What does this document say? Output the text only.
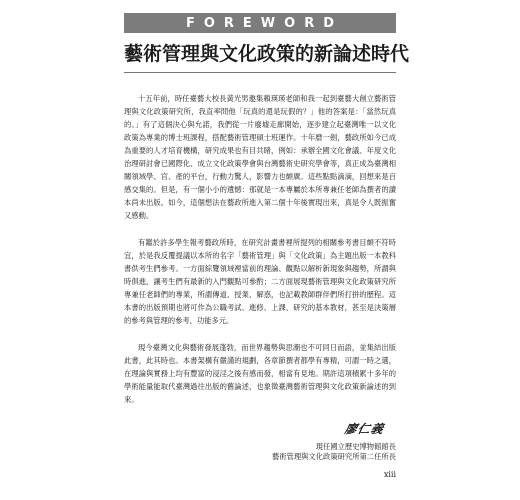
FOREWORD
藝術管理與文化政策的新論述時代

十五年前，時任臺藝大校長黃光男邀集賴瑛瑛老師和我一起到臺藝大創立藝術管理與文化政策研究所，我直率問他「玩真的還是玩假的？」他的答案是：「當然玩真的。」有了這個決心與允諾，我們從一片廢墟走廊開始，逐步建立起臺灣唯一以文化政策為專業的博士班課程，搭配藝術管理碩士班運作。十年磨一劍，藝政所如今已成為重要的人才培育機構，研究成果也有目共睹，例如：承辦全國文化會議、年度文化治理研討會已國際化、成立文化政策學會與台灣藝術史研究學會等，真正成為臺灣相關領域學、官、產的平台，行動力驚人，影響力也頗廣。這些點點滴滴，回想來是百感交集的。但是，有一個小小的遺憾：那就是一本專屬於本所專兼任老師為撰者的讀本尚未出版。如今，這個想法在藝政所進入第二個十年後實現出來，真是令人既振奮又感動。

有鑑於許多學生報考藝政所時，在研究計畫書裡所提列的相關參考書目頗不符時宜，於是我反覆提議以本所的名字「藝術管理」與「文化政策」為主題出版一本教科書供考生們參考。一方面綜覽領域裡當前的理論、觀點以解析新現象與趨勢，所謂與時俱進，讓考生們有最新的入門觀點可參酌；二方面展現藝術管理與文化政策研究所專兼任老師們的專業，所謂傳道、授業、解惑，也記載教師群伴們所打拼的歷程。這本書的出版預期也將可作為公職考試、進修、上課、研究的基本教材，甚至是決策層的參考與管理的參考，功能多元。

現今臺灣文化與藝術發展蓬勃，而世界趨勢與思潮也不可同日而語，並集結出版此書，此其時也。本書架構有嚴謹的規劃，各章節撰者都學有專精，可謂一時之選，在理論與實務上均有豐富的浸淫之後有感而發，相當有見地。期許這項積累十多年的學術能量能取代臺灣過往出版的舊論述，也象徵臺灣藝術管理與文化政策新論述的到來。

廖仁義
現任國立歷史博物館館長
藝術管理與文化政策研究所第二任所長
xiii
